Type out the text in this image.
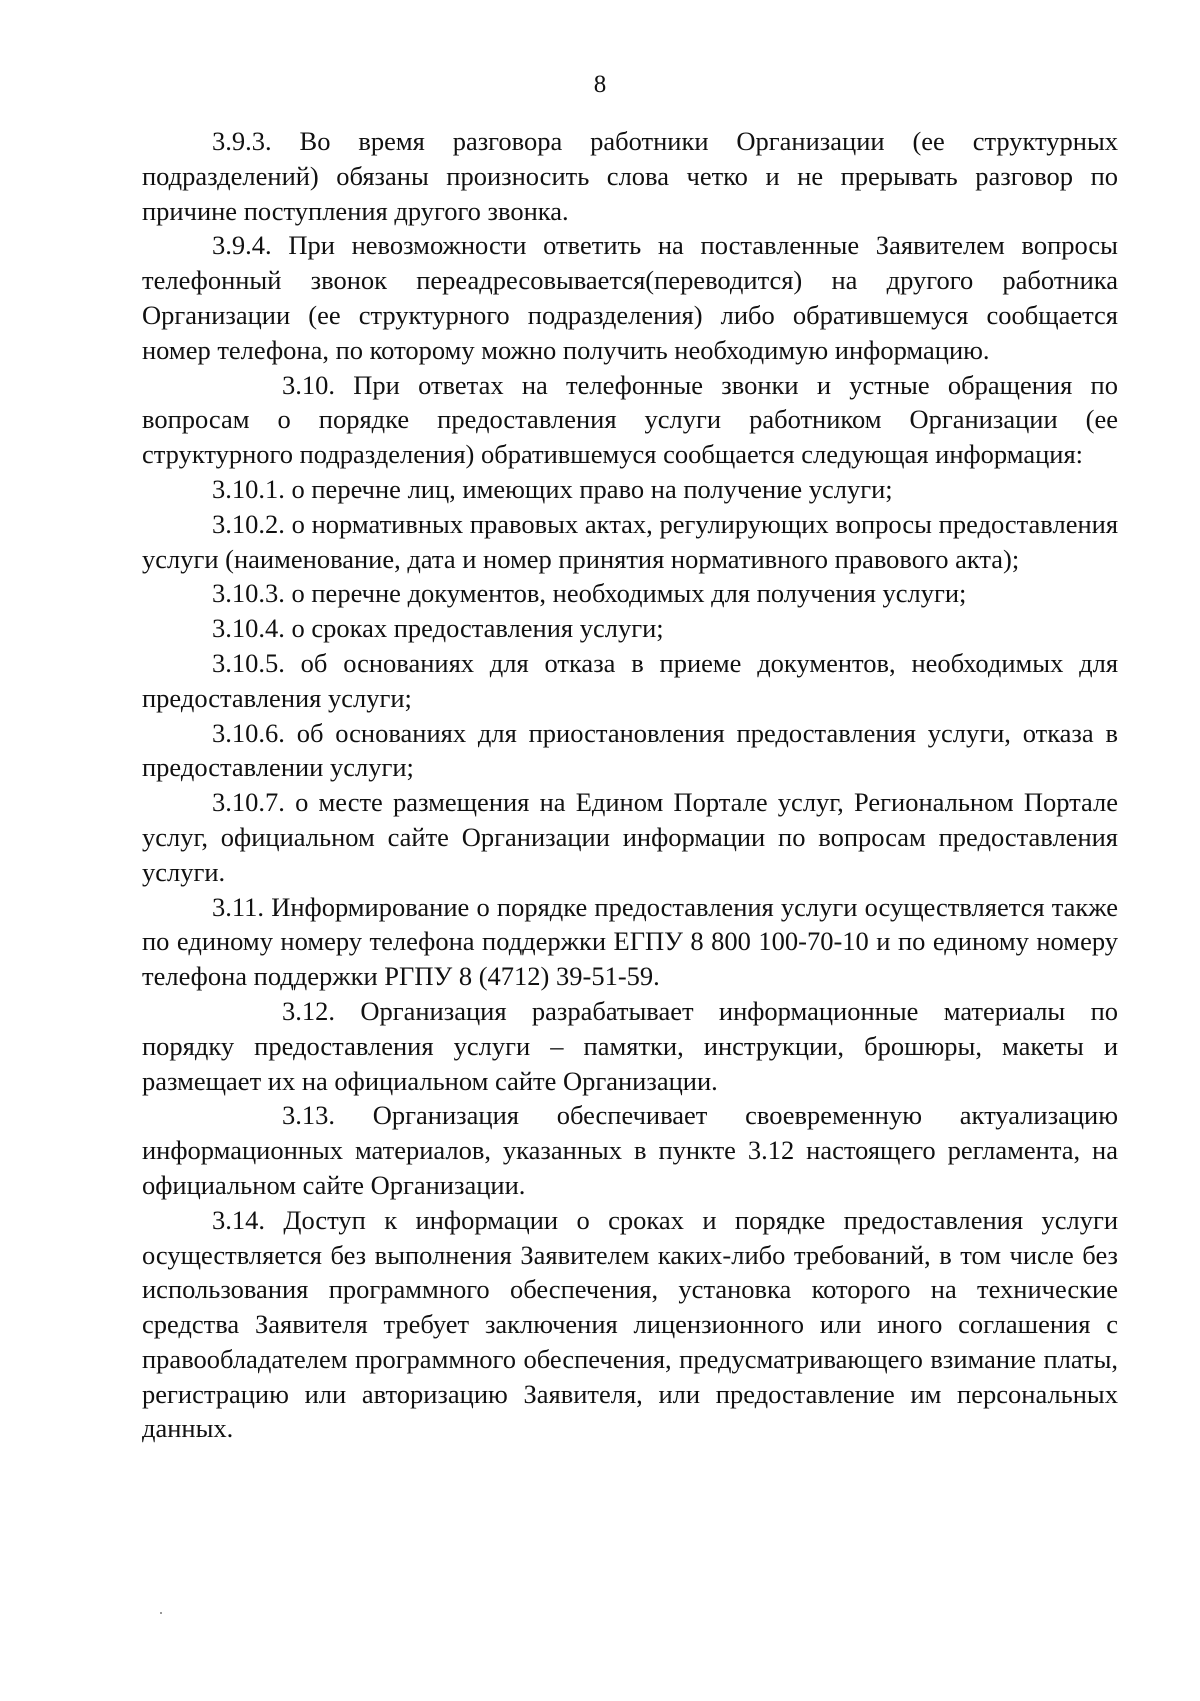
8

3.9.3. Во время разговора работники Организации (ее структурных подразделений) обязаны произносить слова четко и не прерывать разговор по причине поступления другого звонка.

3.9.4. При невозможности ответить на поставленные Заявителем вопросы телефонный звонок переадресовывается(переводится) на другого работника Организации (ее структурного подразделения) либо обратившемуся сообщается номер телефона, по которому можно получить необходимую информацию.

3.10. При ответах на телефонные звонки и устные обращения по вопросам о порядке предоставления услуги работником Организации (ее структурного подразделения) обратившемуся сообщается следующая информация:

3.10.1. о перечне лиц, имеющих право на получение услуги;

3.10.2. о нормативных правовых актах, регулирующих вопросы предоставления услуги (наименование, дата и номер принятия нормативного правового акта);

3.10.3. о перечне документов, необходимых для получения услуги;

3.10.4. о сроках предоставления услуги;

3.10.5. об основаниях для отказа в приеме документов, необходимых для предоставления услуги;

3.10.6. об основаниях для приостановления предоставления услуги, отказа в предоставлении услуги;

3.10.7. о месте размещения на Едином Портале услуг, Региональном Портале услуг, официальном сайте Организации информации по вопросам предоставления услуги.

3.11. Информирование о порядке предоставления услуги осуществляется также по единому номеру телефона поддержки ЕГПУ 8 800 100-70-10 и по единому номеру телефона поддержки РГПУ 8 (4712) 39-51-59.

3.12. Организация разрабатывает информационные материалы по порядку предоставления услуги – памятки, инструкции, брошюры, макеты и размещает их на официальном сайте Организации.

3.13. Организация обеспечивает своевременную актуализацию информационных материалов, указанных в пункте 3.12 настоящего регламента, на официальном сайте Организации.

3.14. Доступ к информации о сроках и порядке предоставления услуги осуществляется без выполнения Заявителем каких-либо требований, в том числе без использования программного обеспечения, установка которого на технические средства Заявителя требует заключения лицензионного или иного соглашения с правообладателем программного обеспечения, предусматривающего взимание платы, регистрацию или авторизацию Заявителя, или предоставление им персональных данных.
